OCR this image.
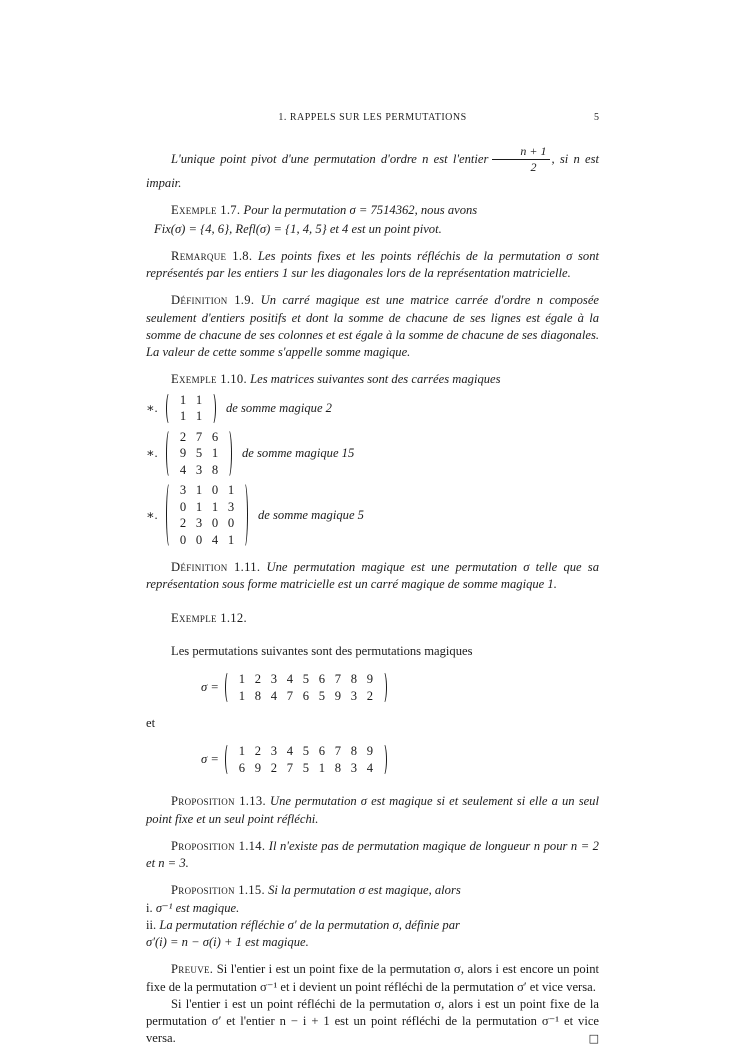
1. RAPPELS SUR LES PERMUTATIONS	5

L'unique point pivot d'une permutation d'ordre n est l'entier $\frac{n + 1}{2}$ , si n est impair.

Exemple 1.7. Pour la permutation σ = 7514362, nous avons

Fix(σ) = {4, 6}, Refl(σ) = {1, 4, 5} et 4 est un point pivot.

Remarque 1.8. Les points fixes et les points réfléchis de la permutation σ sont représentés par les entiers 1 sur les diagonales lors de la représentation matricielle.

Définition 1.9. Un carré magique est une matrice carrée d'ordre n composée seulement d'entiers positifs et dont la somme de chacune de ses lignes est égale à la somme de chacune de ses colonnes et est égale à la somme de chacune de ses diagonales. La valeur de cette somme s'appelle somme magique.

Exemple 1.10. Les matrices suivantes sont des carrées magiques

∗.
1 1
1 1
de somme magique 2
∗.
2 7 6
9 5 1
4 3 8
de somme magique 15
∗.
3 1 0 1
0 1 1 3
2 3 0 0
0 0 4 1
de somme magique 5

Définition 1.11. Une permutation magique est une permutation σ telle que sa représentation sous forme matricielle est un carré magique de somme magique 1.

Exemple 1.12.

Les permutations suivantes sont des permutations magiques

σ =
1 2 3 4 5 6 7 8 9
1 8 4 7 6 5 9 3 2

et

σ =
1 2 3 4 5 6 7 8 9
6 9 2 7 5 1 8 3 4

Proposition 1.13. Une permutation σ est magique si et seulement si elle a un seul point fixe et un seul point réfléchi.

Proposition 1.14. Il n'existe pas de permutation magique de longueur n pour n = 2 et n = 3.

Proposition 1.15. Si la permutation σ est magique, alors

i. σ⁻¹ est magique.
ii. La permutation réfléchie σ′ de la permutation σ, définie par
σ′(i) = n − σ(i) + 1 est magique.

Preuve. Si l'entier i est un point fixe de la permutation σ, alors i est encore un point fixe de la permutation σ⁻¹ et i devient un point réfléchi de la permutation σ′ et vice versa.

Si l'entier i est un point réfléchi de la permutation σ, alors i est un point fixe de la permutation σ′ et l'entier n − i + 1 est un point réfléchi de la permutation σ⁻¹ et vice versa.	□
